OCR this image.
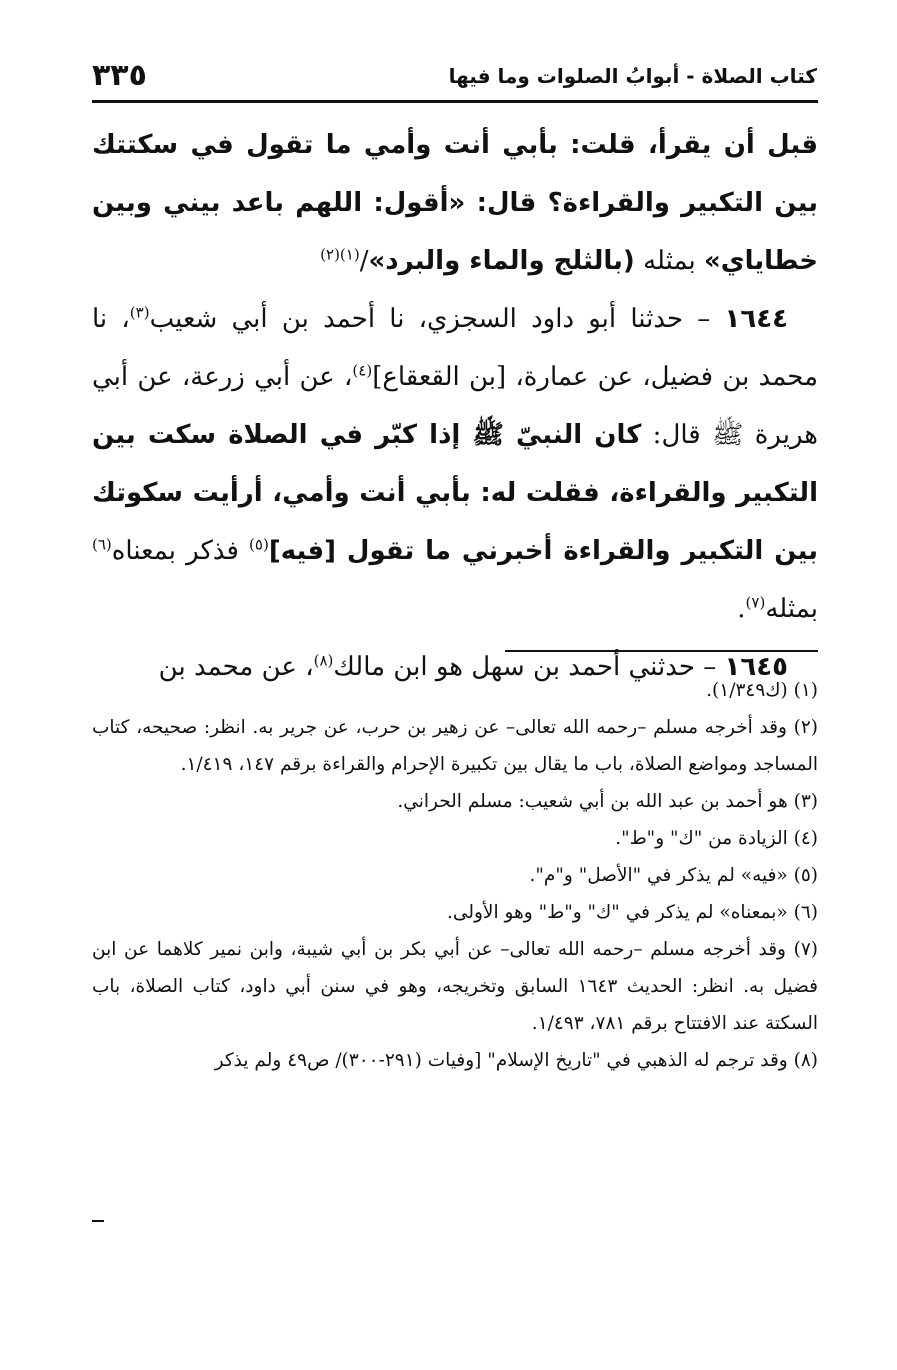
كتاب الصلاة - أبوابُ الصلوات وما فيها
٣٣٥

قبل أن يقرأ، قلت: بأبي أنت وأمي ما تقول في سكتتك بين التكبير والقراءة؟ قال: «أقول: اللهم باعد بيني وبين خطاياي» بمثله (بالثلج والماء والبرد»/$^{(١)(٢)}$

١٦٤٤ – حدثنا أبو داود السجزي، نا أحمد بن أبي شعيب$^{(٣)}$، نا محمد بن فضيل، عن عمارة، [بن القعقاع]$^{(٤)}$، عن أبي زرعة، عن أبي هريرة ﷺ قال: كان النبيّ ﷺ إذا كبّر في الصلاة سكت بين التكبير والقراءة، فقلت له: بأبي أنت وأمي، أرأيت سكوتك بين التكبير والقراءة أخبرني ما تقول [فيه]$^{(٥)}$ فذكر بمعناه$^{(٦)}$ بمثله$^{(٧)}$.

١٦٤٥ – حدثني أحمد بن سهل هو ابن مالك$^{(٨)}$، عن محمد بن

(١) (ك١/٣٤٩).

(٢) وقد أخرجه مسلم –رحمه الله تعالى– عن زهير بن حرب، عن جرير به. انظر: صحيحه، كتاب المساجد ومواضع الصلاة، باب ما يقال بين تكبيرة الإحرام والقراءة برقم ١٤٧، ١/٤١٩.

(٣) هو أحمد بن عبد الله بن أبي شعيب: مسلم الحراني.

(٤) الزيادة من "ك" و"ط".

(٥) «فيه» لم يذكر في "الأصل" و"م".

(٦) «بمعناه» لم يذكر في "ك" و"ط" وهو الأولى.

(٧) وقد أخرجه مسلم –رحمه الله تعالى– عن أبي بكر بن أبي شيبة، وابن نمير كلاهما عن ابن فضيل به. انظر: الحديث ١٦٤٣ السابق وتخريجه، وهو في سنن أبي داود، كتاب الصلاة، باب السكتة عند الافتتاح برقم ٧٨١، ١/٤٩٣.

(٨) وقد ترجم له الذهبي في "تاريخ الإسلام" [وفيات (٢٩١-٣٠٠)/ ص٤٩ ولم يذكر
